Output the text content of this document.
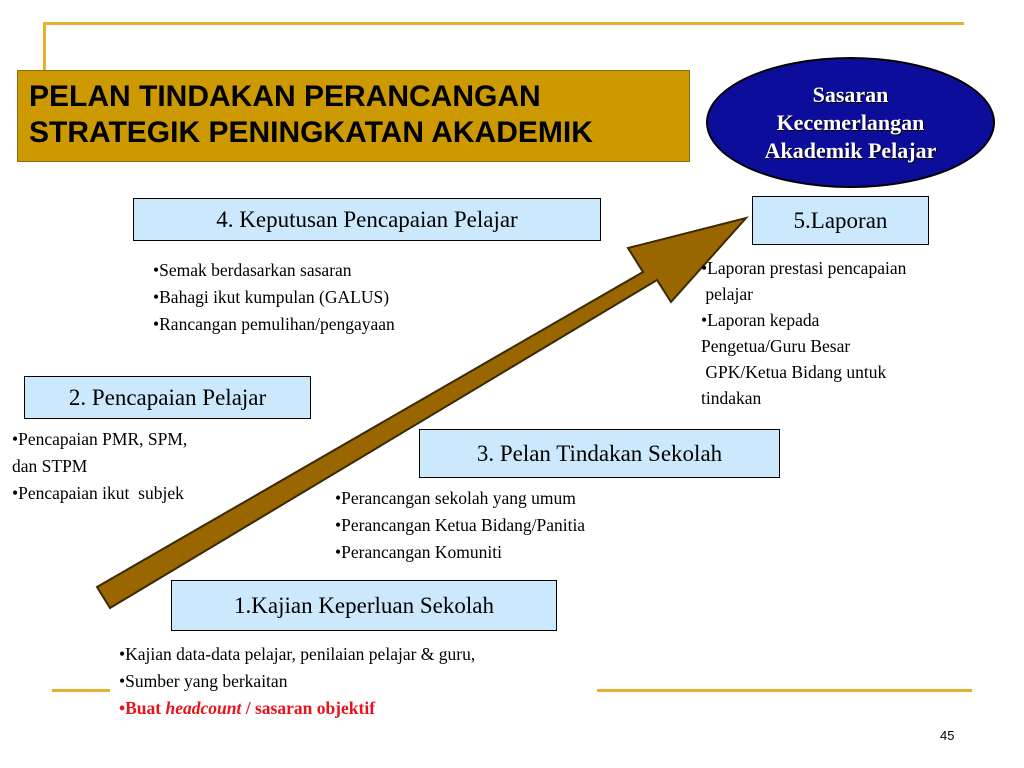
PELAN TINDAKAN PERANCANGAN
STRATEGIK PENINGKATAN AKADEMIK
Sasaran
Kecemerlangan
Akademik Pelajar
4. Keputusan Pencapaian Pelajar
•Semak berdasarkan sasaran
•Bahagi ikut kumpulan (GALUS)
•Rancangan pemulihan/pengayaan
5.Laporan
•Laporan prestasi pencapaian
pelajar
•Laporan kepada
Pengetua/Guru Besar
GPK/Ketua Bidang untuk
tindakan
2. Pencapaian Pelajar
•Pencapaian PMR, SPM,
dan STPM
•Pencapaian ikut  subjek
3. Pelan Tindakan Sekolah
•Perancangan sekolah yang umum
•Perancangan Ketua Bidang/Panitia
•Perancangan Komuniti
1.Kajian Keperluan Sekolah
•Kajian data-data pelajar, penilaian pelajar & guru,
•Sumber yang berkaitan
•Buat headcount / sasaran objektif
45
